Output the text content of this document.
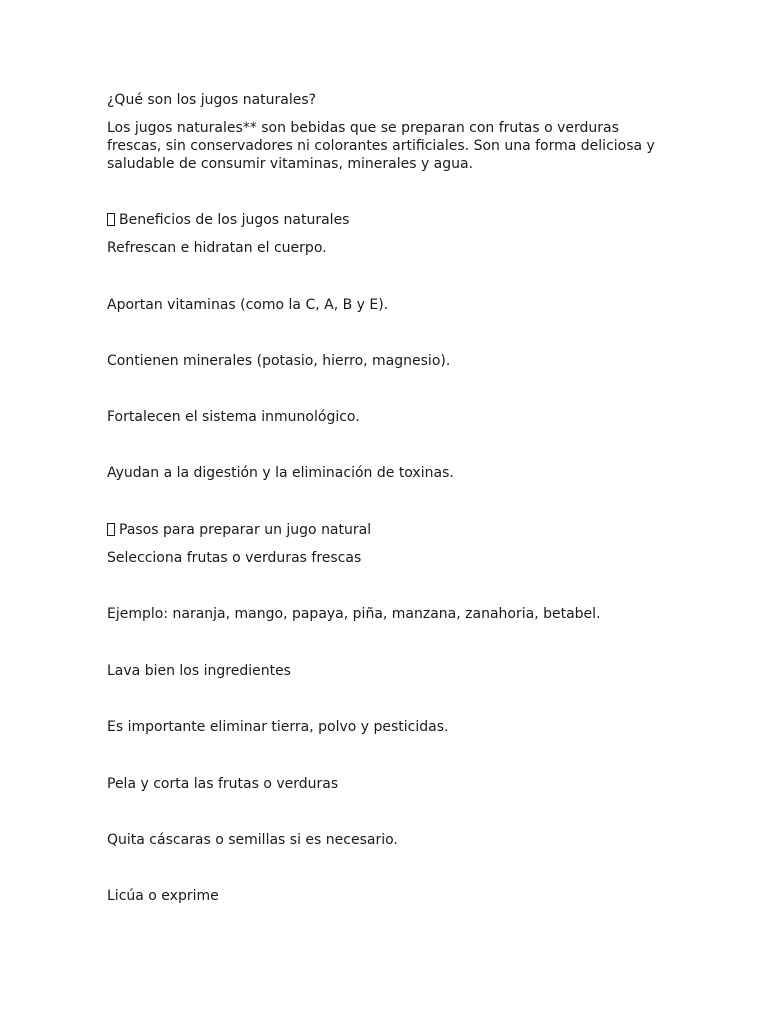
¿Qué son los jugos naturales?
Los jugos naturales** son bebidas que se preparan con frutas o verduras
frescas, sin conservadores ni colorantes artificiales. Son una forma deliciosa y
saludable de consumir vitaminas, minerales y agua.
Beneficios de los jugos naturales
Refrescan e hidratan el cuerpo.
Aportan vitaminas (como la C, A, B y E).
Contienen minerales (potasio, hierro, magnesio).
Fortalecen el sistema inmunológico.
Ayudan a la digestión y la eliminación de toxinas.
Pasos para preparar un jugo natural
Selecciona frutas o verduras frescas
Ejemplo: naranja, mango, papaya, piña, manzana, zanahoria, betabel.
Lava bien los ingredientes
Es importante eliminar tierra, polvo y pesticidas.
Pela y corta las frutas o verduras
Quita cáscaras o semillas si es necesario.
Licúa o exprime
